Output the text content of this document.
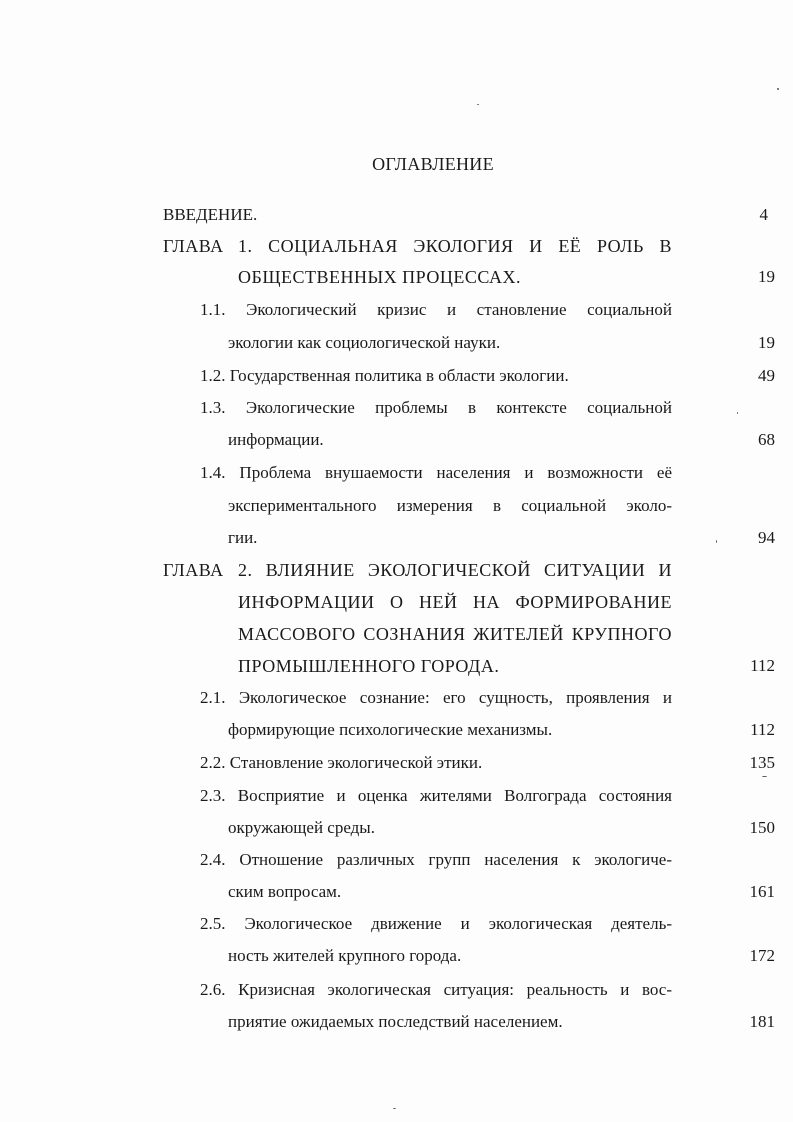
ОГЛАВЛЕНИЕ
ВВЕДЕНИЕ.	4
ГЛАВА 1. СОЦИАЛЬНАЯ ЭКОЛОГИЯ И ЕЁ РОЛЬ В
ОБЩЕСТВЕННЫХ ПРОЦЕССАХ.	19
1.1. Экологический кризис и становление социальной
экологии как социологической науки.	19
1.2. Государственная политика в области экологии.	49
1.3. Экологические проблемы в контексте социальной
информации.	68
1.4. Проблема внушаемости населения и возможности её
экспериментального измерения в социальной эколо-
гии.	94
ГЛАВА 2. ВЛИЯНИЕ ЭКОЛОГИЧЕСКОЙ СИТУАЦИИ И
ИНФОРМАЦИИ О НЕЙ НА ФОРМИРОВАНИЕ
МАССОВОГО СОЗНАНИЯ ЖИТЕЛЕЙ КРУПНОГО
ПРОМЫШЛЕННОГО ГОРОДА.	112
2.1. Экологическое сознание: его сущность, проявления и
формирующие психологические механизмы.	112
2.2. Становление экологической этики.	135
2.3. Восприятие и оценка жителями Волгограда состояния
окружающей среды.	150
2.4. Отношение различных групп населения к экологиче-
ским вопросам.	161
2.5. Экологическое движение и экологическая деятель-
ность жителей крупного города.	172
2.6. Кризисная экологическая ситуация: реальность и вос-
приятие ожидаемых последствий населением.	181
